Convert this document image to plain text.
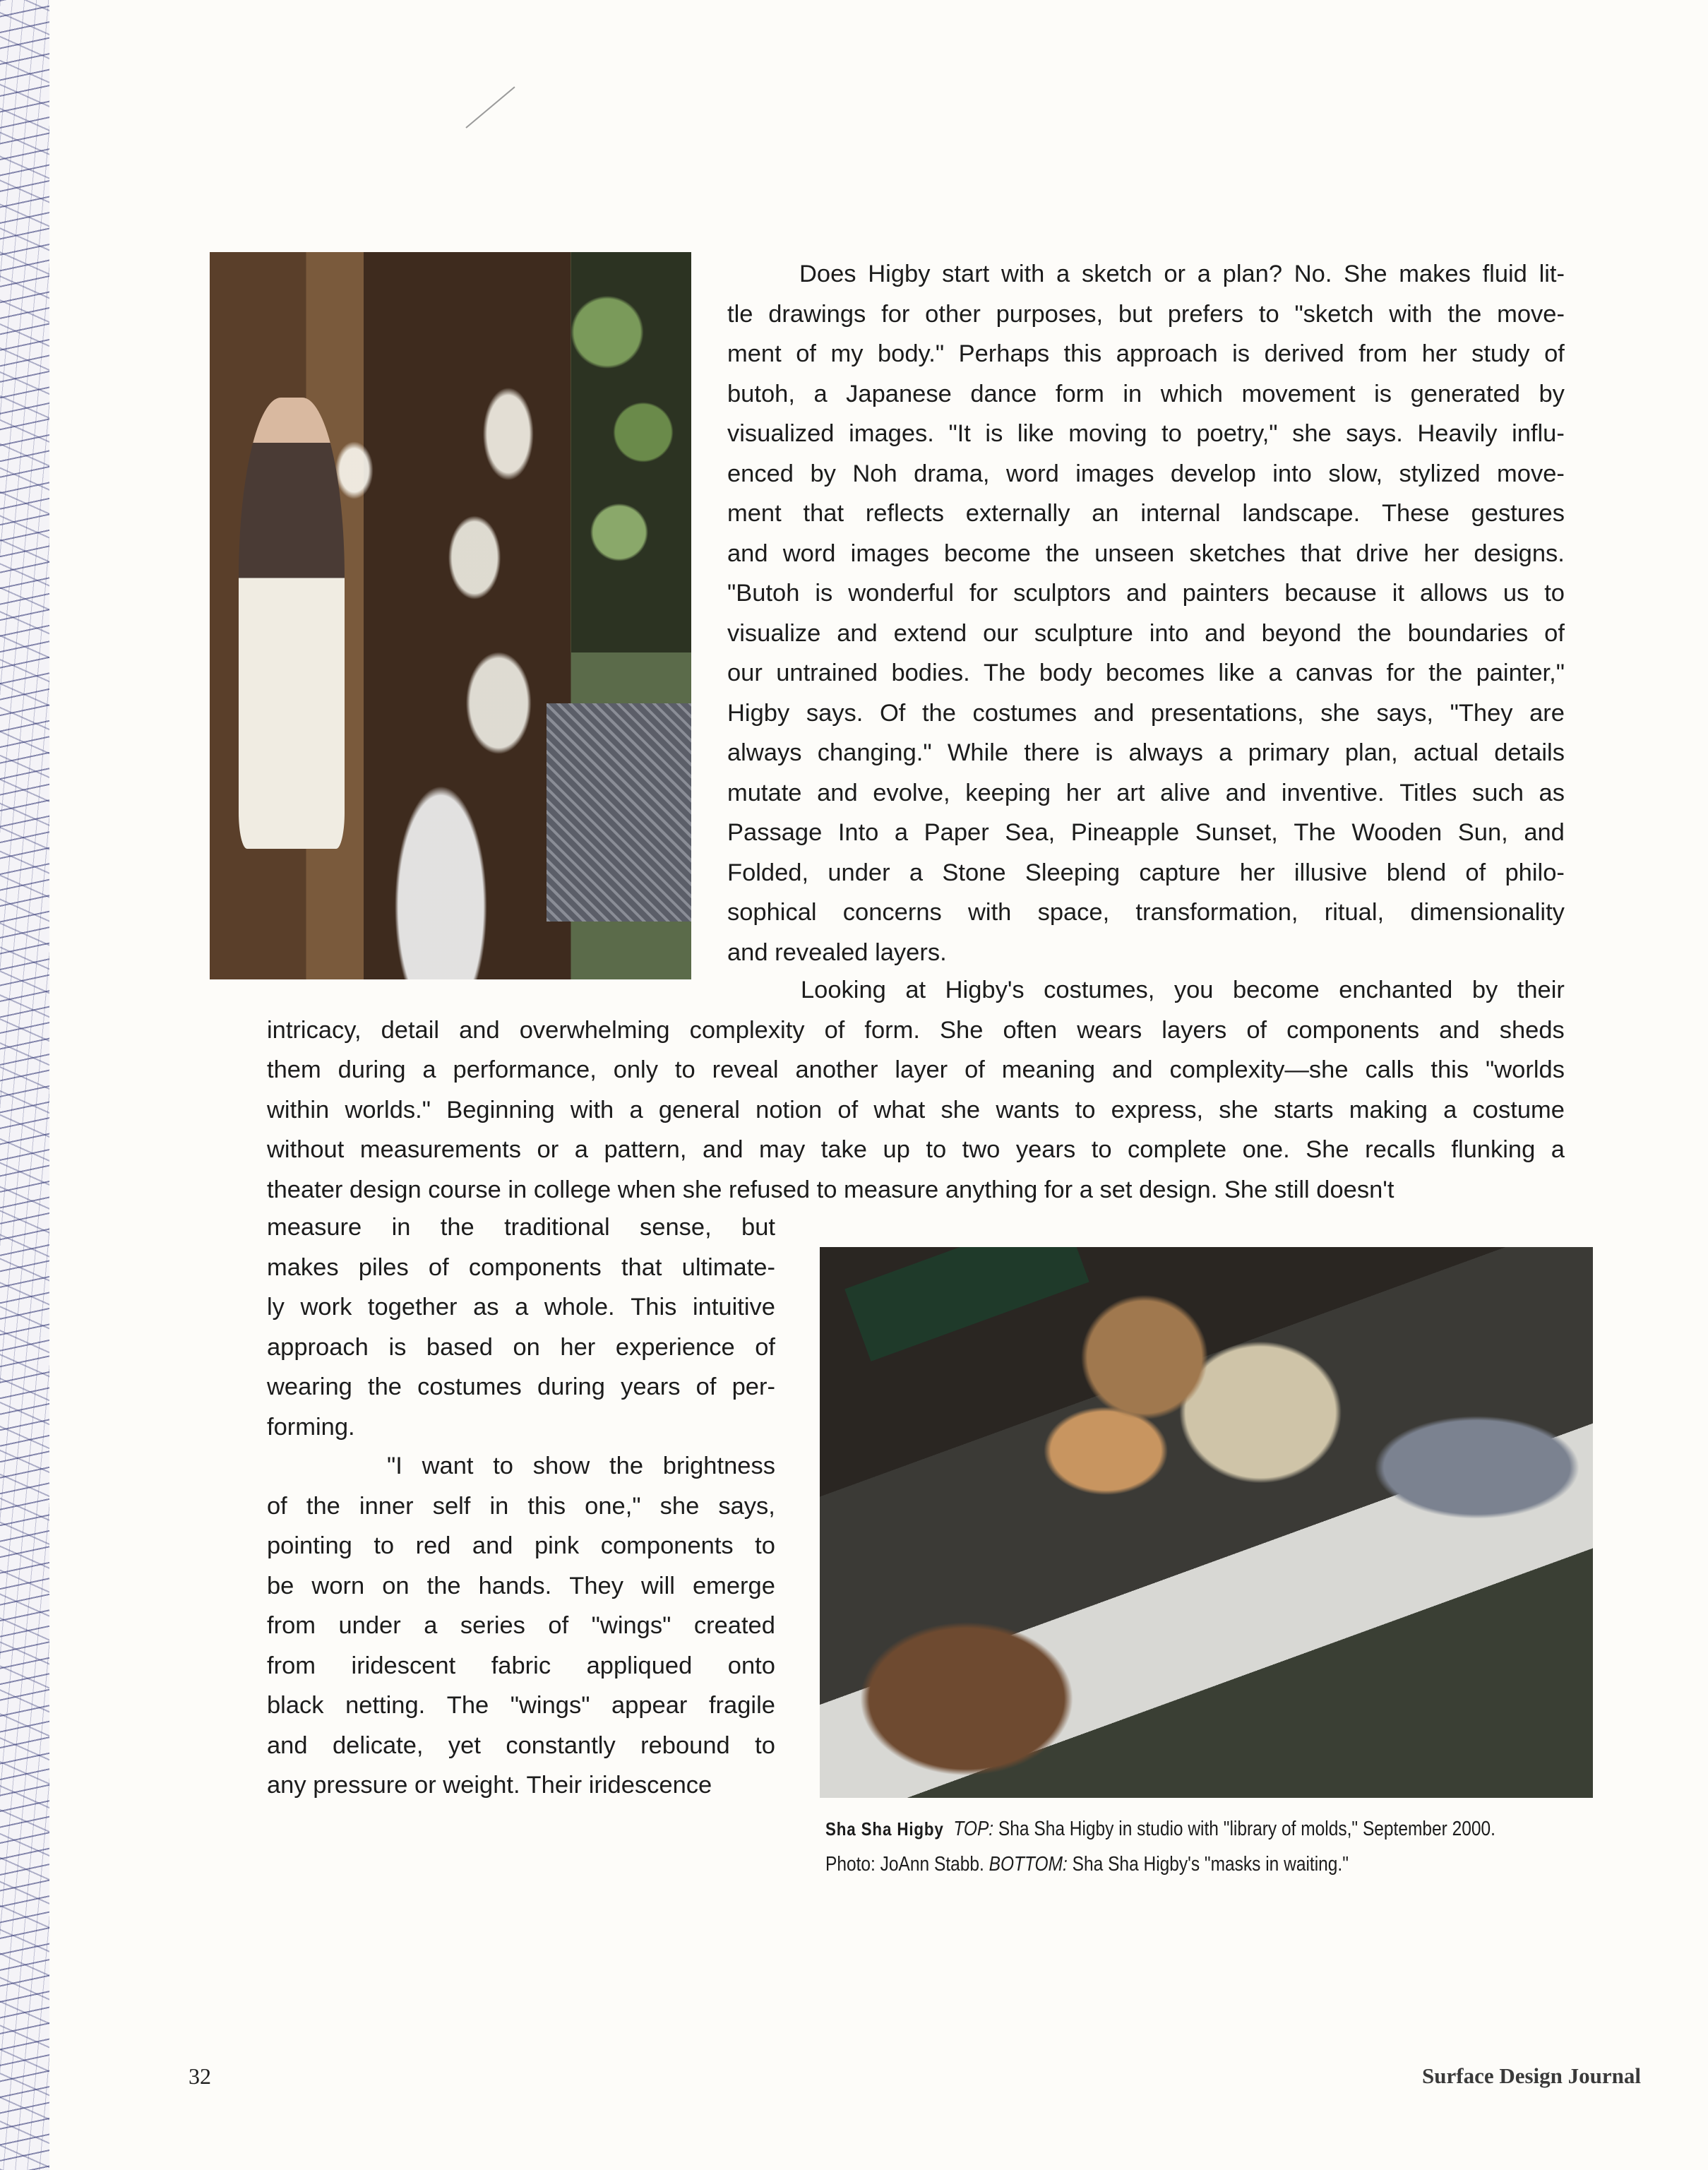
Does Higby start with a sketch or a plan? No. She makes fluid lit-
tle drawings for other purposes, but prefers to "sketch with the move-
ment of my body." Perhaps this approach is derived from her study of
butoh, a Japanese dance form in which movement is generated by
visualized images. "It is like moving to poetry," she says. Heavily influ-
enced by Noh drama, word images develop into slow, stylized move-
ment that reflects externally an internal landscape. These gestures
and word images become the unseen sketches that drive her designs.
"Butoh is wonderful for sculptors and painters because it allows us to
visualize and extend our sculpture into and beyond the boundaries of
our untrained bodies. The body becomes like a canvas for the painter,"
Higby says. Of the costumes and presentations, she says, "They are
always changing." While there is always a primary plan, actual details
mutate and evolve, keeping her art alive and inventive. Titles such as
Passage Into a Paper Sea, Pineapple Sunset, The Wooden Sun, and
Folded, under a Stone Sleeping capture her illusive blend of philo-
sophical concerns with space, transformation, ritual, dimensionality
and revealed layers.
Looking at Higby's costumes, you become enchanted by their
intricacy, detail and overwhelming complexity of form. She often wears layers of components and sheds
them during a performance, only to reveal another layer of meaning and complexity—she calls this "worlds
within worlds." Beginning with a general notion of what she wants to express, she starts making a costume
without measurements or a pattern, and may take up to two years to complete one. She recalls flunking a
theater design course in college when she refused to measure anything for a set design. She still doesn't
measure in the traditional sense, but
makes piles of components that ultimate-
ly work together as a whole. This intuitive
approach is based on her experience of
wearing the costumes during years of per-
forming.
"I want to show the brightness
of the inner self in this one," she says,
pointing to red and pink components to
be worn on the hands. They will emerge
from under a series of "wings" created
from iridescent fabric appliqued onto
black netting. The "wings" appear fragile
and delicate, yet constantly rebound to
any pressure or weight. Their iridescence
Sha Sha Higby TOP: Sha Sha Higby in studio with "library of molds," September 2000.
Photo: JoAnn Stabb. BOTTOM: Sha Sha Higby's "masks in waiting."
32	Surface Design Journal
